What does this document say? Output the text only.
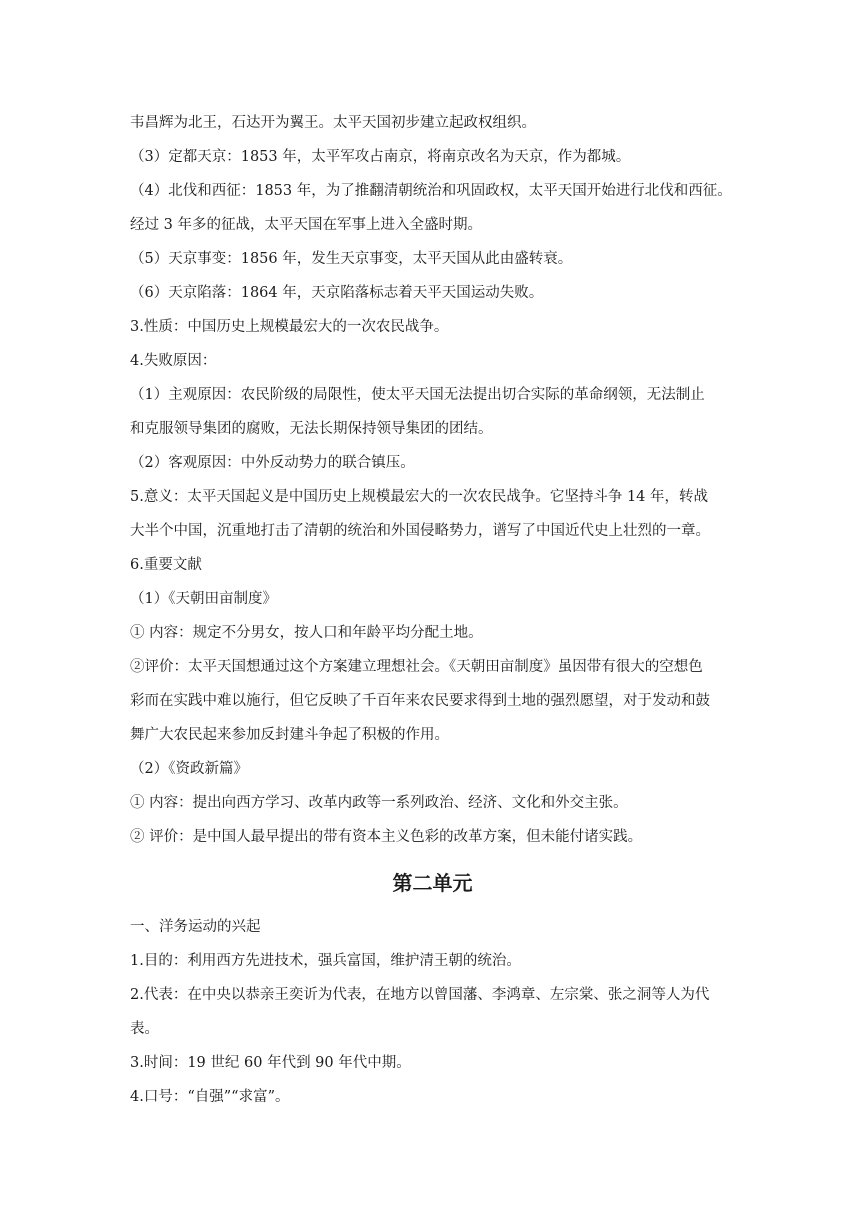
韦昌辉为北王，石达开为翼王。太平天国初步建立起政权组织。
（3）定都天京：1853 年，太平军攻占南京，将南京改名为天京，作为都城。
（4）北伐和西征：1853 年，为了推翻清朝统治和巩固政权，太平天国开始进行北伐和西征。
经过 3 年多的征战，太平天国在军事上进入全盛时期。
（5）天京事变：1856 年，发生天京事变，太平天国从此由盛转衰。
（6）天京陷落：1864 年，天京陷落标志着天平天国运动失败。
3.性质：中国历史上规模最宏大的一次农民战争。
4.失败原因：
（1）主观原因：农民阶级的局限性，使太平天国无法提出切合实际的革命纲领，无法制止
和克服领导集团的腐败，无法长期保持领导集团的团结。
（2）客观原因：中外反动势力的联合镇压。
5.意义：太平天国起义是中国历史上规模最宏大的一次农民战争。它坚持斗争 14 年，转战
大半个中国，沉重地打击了清朝的统治和外国侵略势力，谱写了中国近代史上壮烈的一章。
6.重要文献
（1）《天朝田亩制度》
① 内容：规定不分男女，按人口和年龄平均分配土地。
②评价：太平天国想通过这个方案建立理想社会。《天朝田亩制度》虽因带有很大的空想色
彩而在实践中难以施行，但它反映了千百年来农民要求得到土地的强烈愿望，对于发动和鼓
舞广大农民起来参加反封建斗争起了积极的作用。
（2）《资政新篇》
① 内容：提出向西方学习、改革内政等一系列政治、经济、文化和外交主张。
② 评价：是中国人最早提出的带有资本主义色彩的改革方案，但未能付诸实践。
第二单元
一、洋务运动的兴起
1.目的：利用西方先进技术，强兵富国，维护清王朝的统治。
2.代表：在中央以恭亲王奕䜣为代表，在地方以曾国藩、李鸿章、左宗棠、张之洞等人为代
表。
3.时间：19 世纪 60 年代到 90 年代中期。
4.口号：“自强”“求富”。
